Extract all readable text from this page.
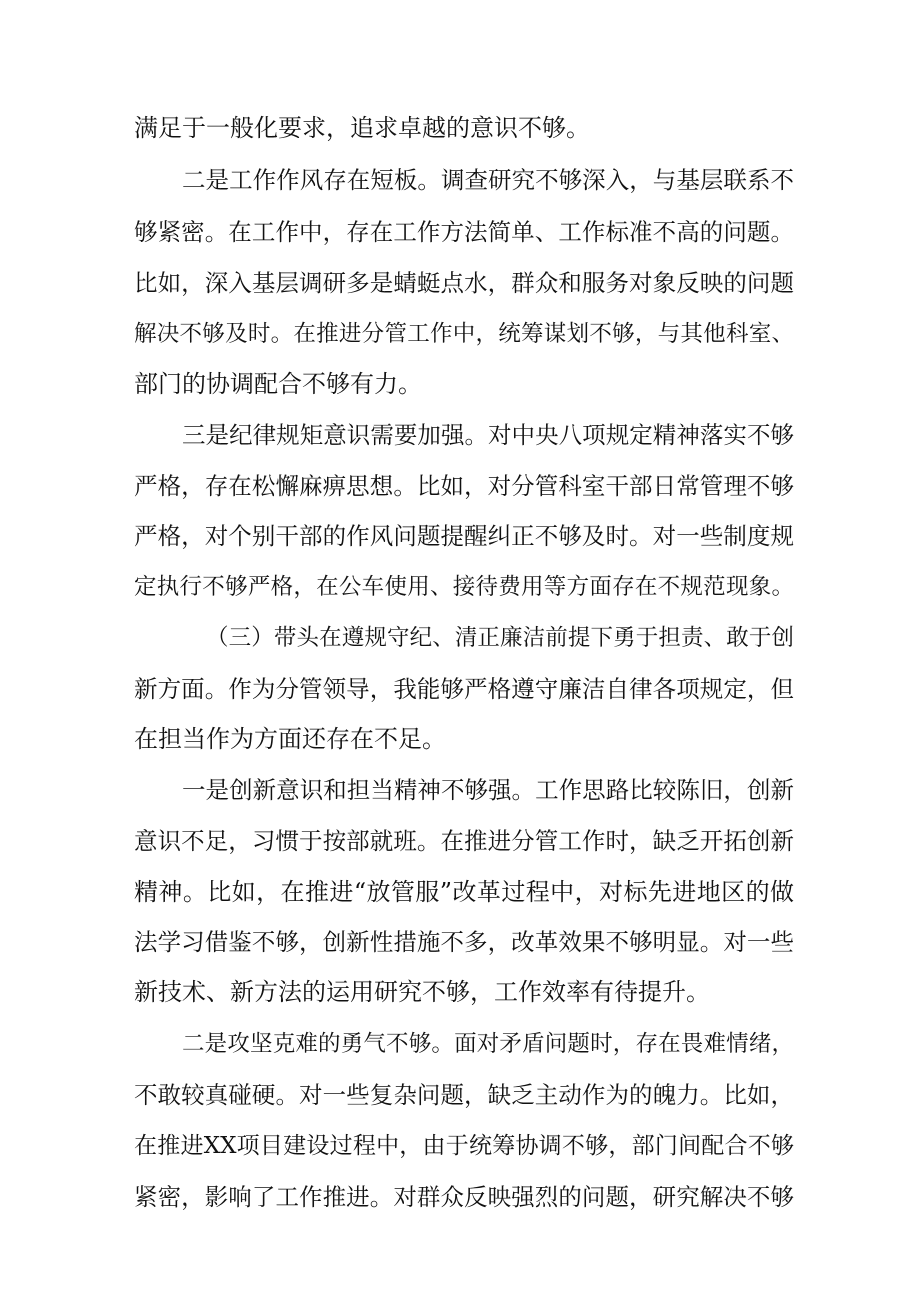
满足于一般化要求，追求卓越的意识不够。
二是工作作风存在短板。调查研究不够深入，与基层联系不
够紧密。在工作中，存在工作方法简单、工作标准不高的问题。
比如，深入基层调研多是蜻蜓点水，群众和服务对象反映的问题
解决不够及时。在推进分管工作中，统筹谋划不够，与其他科室、
部门的协调配合不够有力。
三是纪律规矩意识需要加强。对中央八项规定精神落实不够
严格，存在松懈麻痹思想。比如，对分管科室干部日常管理不够
严格，对个别干部的作风问题提醒纠正不够及时。对一些制度规
定执行不够严格，在公车使用、接待费用等方面存在不规范现象。
（三）带头在遵规守纪、清正廉洁前提下勇于担责、敢于创
新方面。作为分管领导，我能够严格遵守廉洁自律各项规定，但
在担当作为方面还存在不足。
一是创新意识和担当精神不够强。工作思路比较陈旧，创新
意识不足，习惯于按部就班。在推进分管工作时，缺乏开拓创新
精神。比如，在推进“放管服”改革过程中，对标先进地区的做
法学习借鉴不够，创新性措施不多，改革效果不够明显。对一些
新技术、新方法的运用研究不够，工作效率有待提升。
二是攻坚克难的勇气不够。面对矛盾问题时，存在畏难情绪，
不敢较真碰硬。对一些复杂问题，缺乏主动作为的魄力。比如，
在推进XX项目建设过程中，由于统筹协调不够，部门间配合不够
紧密，影响了工作推进。对群众反映强烈的问题，研究解决不够
